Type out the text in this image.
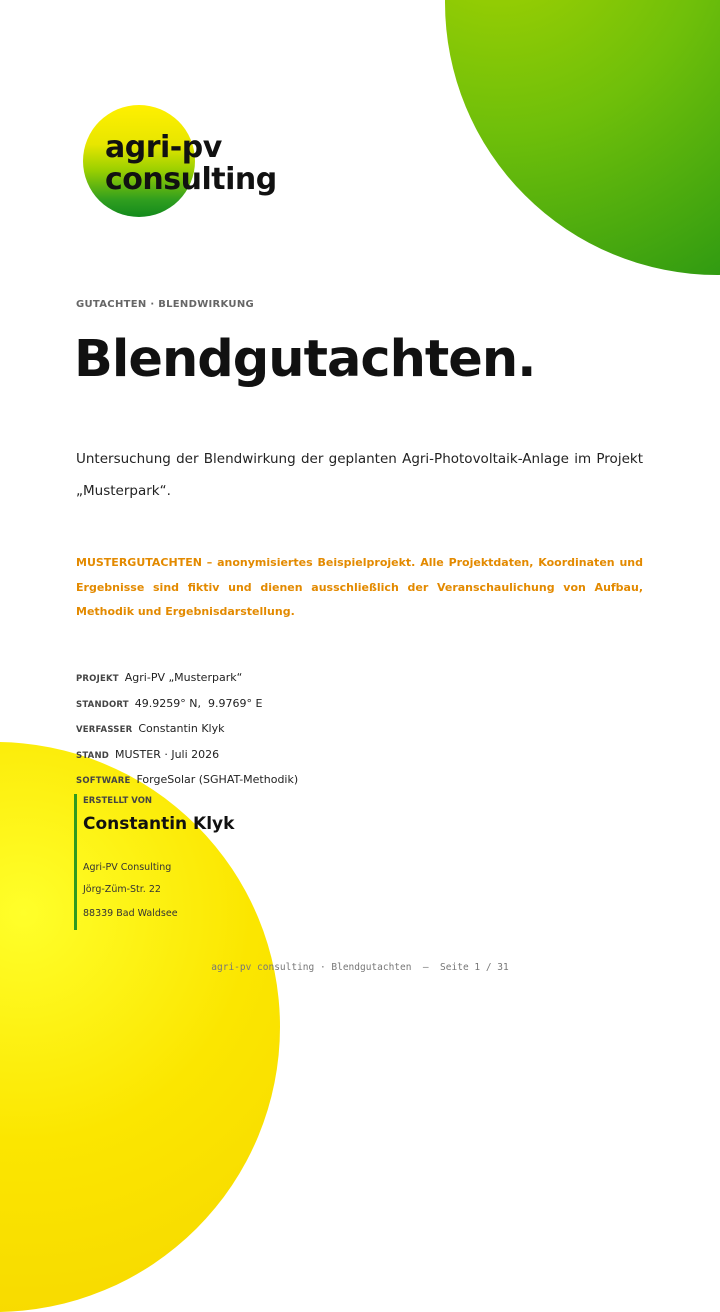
agri-pv
consulting
GUTACHTEN · BLENDWIRKUNG
Blendgutachten.
Untersuchung der Blendwirkung der geplanten Agri-Photovoltaik-Anlage im Projekt „Musterpark“.
MUSTERGUTACHTEN – anonymisiertes Beispielprojekt. Alle Projektdaten, Koordinaten und Ergebnisse sind fiktiv und dienen ausschließlich der Veranschaulichung von Aufbau, Methodik und Ergebnisdarstellung.
PROJEKT Agri-PV „Musterpark“
STANDORT 49.9259° N,  9.9769° E
VERFASSER Constantin Klyk
STAND MUSTER · Juli 2026
SOFTWARE ForgeSolar (SGHAT-Methodik)
ERSTELLT VON
Constantin Klyk
Agri-PV Consulting
Jörg-Züm-Str. 22
88339 Bad Waldsee
agri-pv consulting · Blendgutachten  —  Seite 1 / 31
